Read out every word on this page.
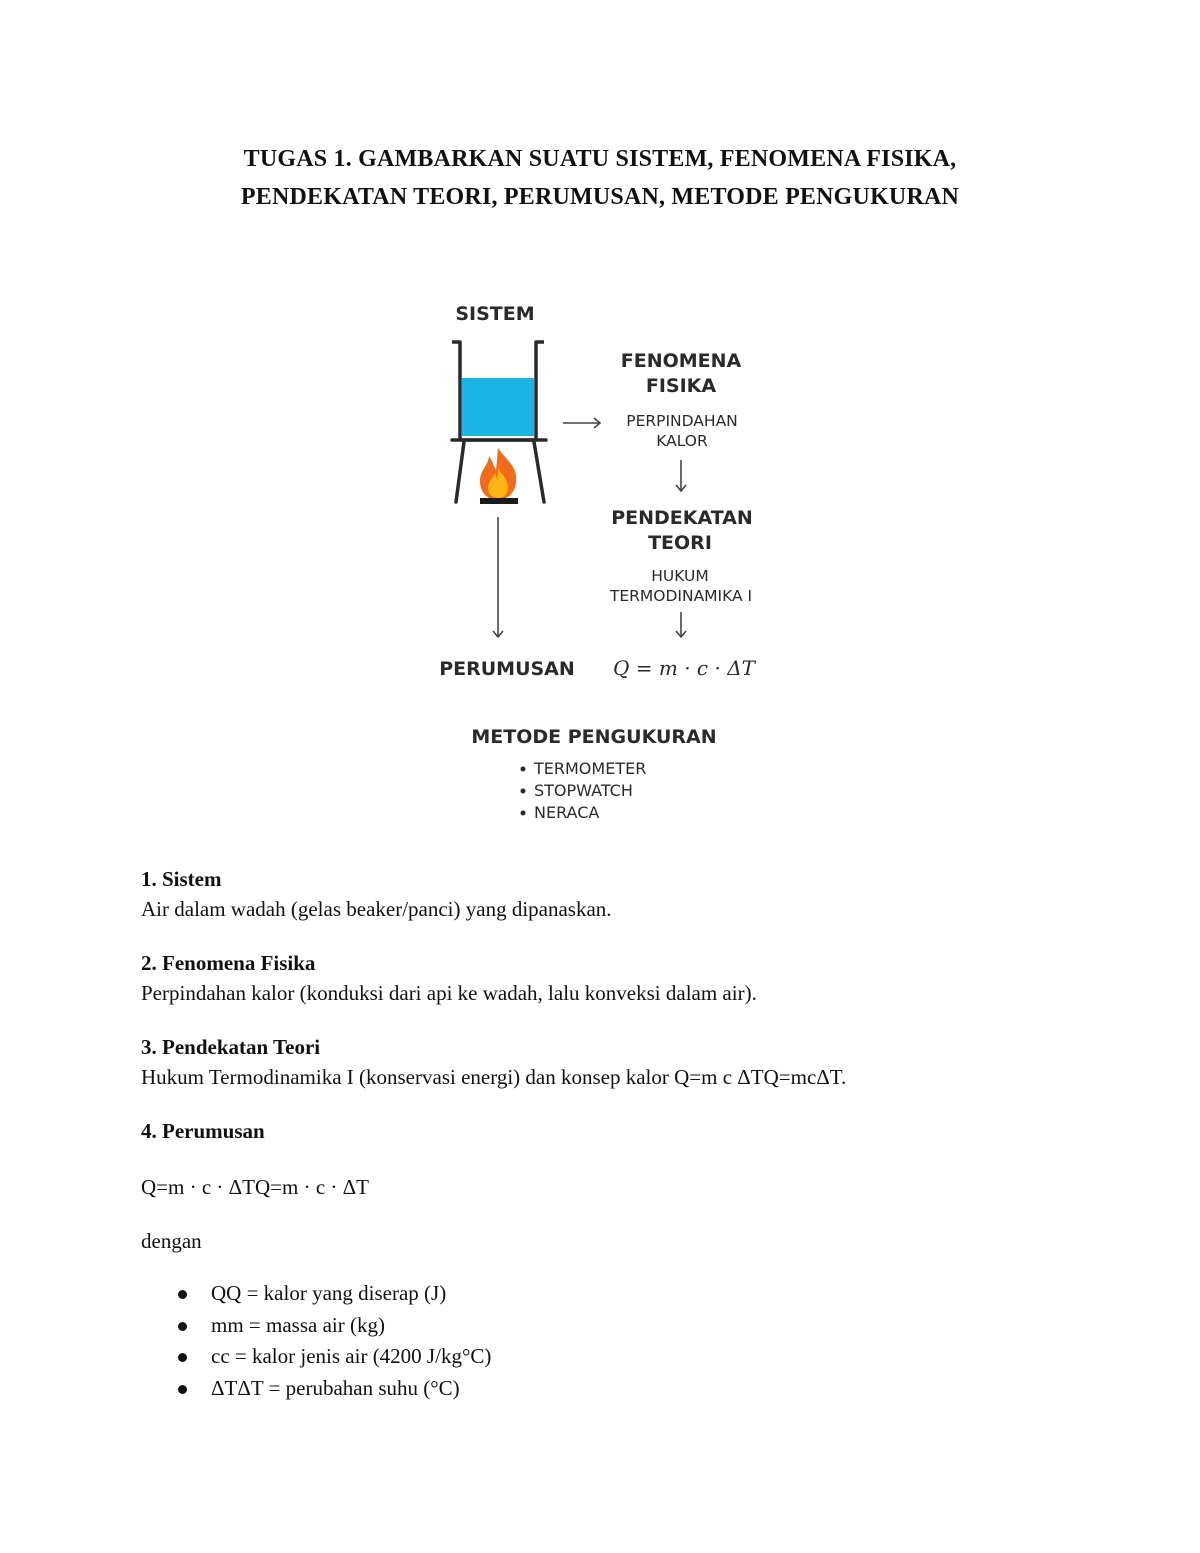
TUGAS 1. GAMBARKAN SUATU SISTEM, FENOMENA FISIKA,
PENDEKATAN TEORI, PERUMUSAN, METODE PENGUKURAN
SISTEM
FENOMENA
FISIKA
PERPINDAHAN
KALOR
PENDEKATAN
TEORI
HUKUM
TERMODINAMIKA I
PERUMUSAN Q = m · c · ΔT
METODE PENGUKURAN
TERMOMETER
STOPWATCH
NERACA

1. Sistem

Air dalam wadah (gelas beaker/panci) yang dipanaskan.

2. Fenomena Fisika

Perpindahan kalor (konduksi dari api ke wadah, lalu konveksi dalam air).

3. Pendekatan Teori

Hukum Termodinamika I (konservasi energi) dan konsep kalor Q=m c ΔTQ=mcΔT.

4. Perumusan

Q=m · c · ΔTQ=m · c · ΔT

dengan

QQ = kalor yang diserap (J)
mm = massa air (kg)
cc = kalor jenis air (4200 J/kg°C)
ΔTΔT = perubahan suhu (°C)
